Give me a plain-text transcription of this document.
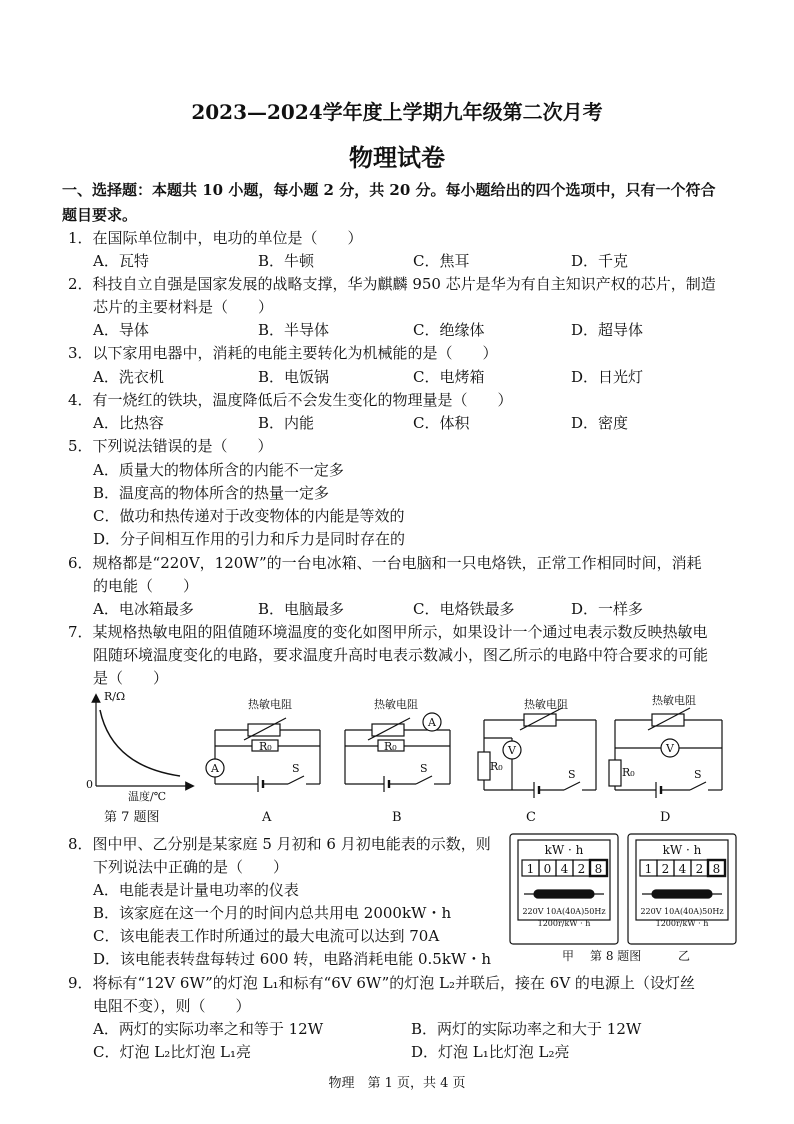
2023—2024学年度上学期九年级第二次月考
物理试卷
一、选择题：本题共 10 小题，每小题 2 分，共 20 分。每小题给出的四个选项中，只有一个符合
题目要求。
1．在国际单位制中，电功的单位是（　　）
A．瓦特	B．牛顿	C．焦耳	D．千克
2．科技自立自强是国家发展的战略支撑，华为麒麟 950 芯片是华为有自主知识产权的芯片，制造
芯片的主要材料是（　　）
A．导体	B．半导体	C．绝缘体	D．超导体
3．以下家用电器中，消耗的电能主要转化为机械能的是（　　）
A．洗衣机	B．电饭锅	C．电烤箱	D．日光灯
4．有一烧红的铁块，温度降低后不会发生变化的物理量是（　　）
A．比热容	B．内能	C．体积	D．密度
5．下列说法错误的是（　　）
A．质量大的物体所含的内能不一定多
B．温度高的物体所含的热量一定多
C．做功和热传递对于改变物体的内能是等效的
D．分子间相互作用的引力和斥力是同时存在的
6．规格都是“220V，120W”的一台电冰箱、一台电脑和一只电烙铁，正常工作相同时间，消耗
的电能（　　）
A．电冰箱最多	B．电脑最多	C．电烙铁最多	D．一样多
7．某规格热敏电阻的阻值随环境温度的变化如图甲所示，如果设计一个通过电表示数反映热敏电
阻随环境温度变化的电路，要求温度升高时电表示数减小，图乙所示的电路中符合要求的可能
是（　　）
R/Ω
0
温度/℃
热敏电阻
R₀
A	S
热敏电阻
R₀
A
S
热敏电阻
V
R₀
S
热敏电阻
V
R₀	S
第 7 题图	A	B	C	D
8．图中甲、乙分别是某家庭 5 月初和 6 月初电能表的示数，则
下列说法中正确的是（　　）
A．电能表是计量电功率的仪表
B．该家庭在这一个月的时间内总共用电 2000kW・h
C．该电能表工作时所通过的最大电流可以达到 70A
D．该电能表转盘每转过 600 转，电路消耗电能 0.5kW・h
kW · h	kW · h
1 0 4 2 8	1 2 4 2 8
220V 10A(40A)50Hz
1200r/kW · h
220V 10A(40A)50Hz
1200r/kW · h
甲 第 8 题图	乙
9．将标有“12V 6W”的灯泡 L₁和标有“6V 6W”的灯泡 L₂并联后，接在 6V 的电源上（设灯丝
电阻不变），则（　　）
A．两灯的实际功率之和等于 12W	B．两灯的实际功率之和大于 12W
C．灯泡 L₂比灯泡 L₁亮	D．灯泡 L₁比灯泡 L₂亮
物理　第 1 页，共 4 页
